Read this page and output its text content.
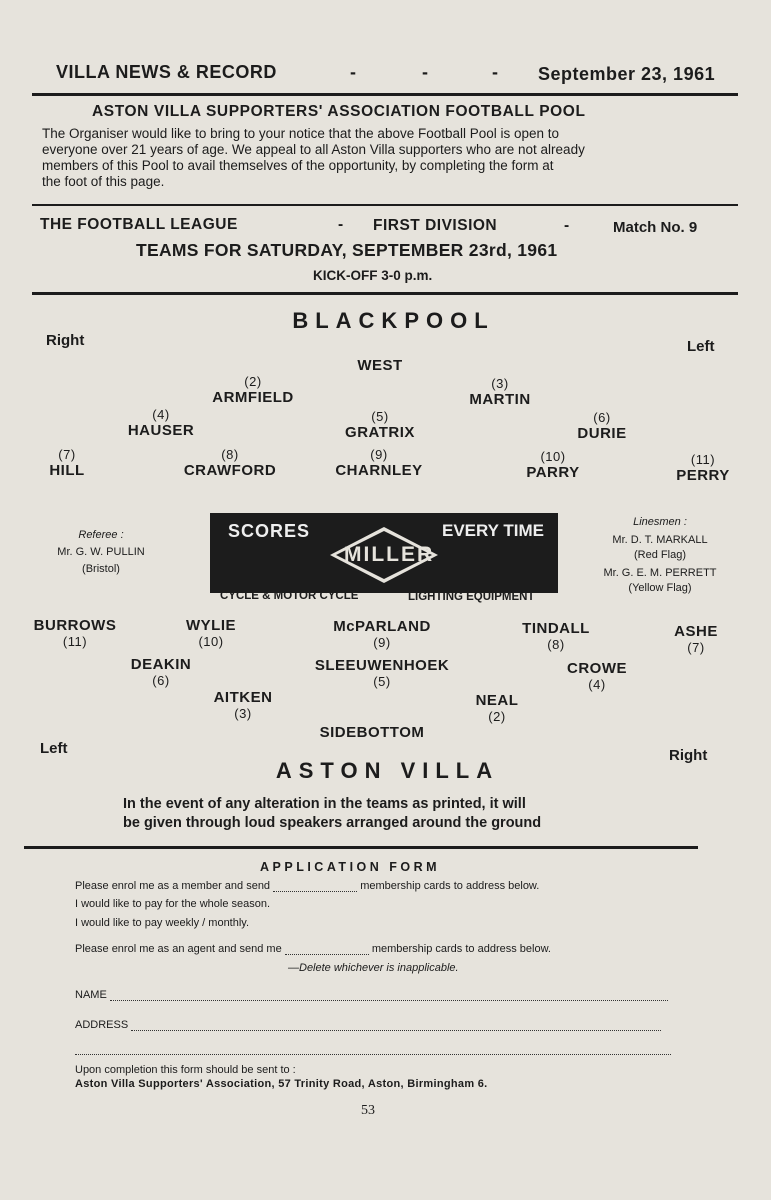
VILLA NEWS & RECORD	-	-	- September 23, 1961
ASTON VILLA SUPPORTERS' ASSOCIATION FOOTBALL POOL
The Organiser would like to bring to your notice that the above Football Pool is open to
everyone over 21 years of age. We appeal to all Aston Villa supporters who are not already
members of this Pool to avail themselves of the opportunity, by completing the form at
the foot of this page.
THE FOOTBALL LEAGUE	- FIRST DIVISION	-	Match No. 9
TEAMS FOR SATURDAY, SEPTEMBER 23rd, 1961
KICK-OFF 3-0 p.m.
BLACKPOOL
Right	Left
WEST
(2)
ARMFIELD
(3)
MARTIN
(4)
HAUSER
(5)
GRATRIX
(6)
DURIE
(7)
HILL
(8)
CRAWFORD
(9)
CHARNLEY
(10)
PARRY
(11)
PERRY
Referee :
Mr. G. W. PULLIN
(Bristol)
Linesmen :
Mr. D. T. MARKALL
(Red Flag)
Mr. G. E. M. PERRETT
(Yellow Flag)
SCORES	EVERY TIME
MILLER
CYCLE & MOTOR CYCLE	LIGHTING EQUIPMENT
BURROWS
(11)
WYLIE
(10)
McPARLAND
(9)
TINDALL
(8)
ASHE
(7)
DEAKIN
(6)
SLEEUWENHOEK
(5)
CROWE
(4)
AITKEN
(3)
NEAL
(2)
SIDEBOTTOM
Left	Right
ASTON VILLA
In the event of any alteration in the teams as printed, it will
be given through loud speakers arranged around the ground
APPLICATION FORM
Please enrol me as a member and send	membership cards to address below.
I would like to pay for the whole season.
I would like to pay weekly / monthly.
Please enrol me as an agent and send me	membership cards to address below.
—Delete whichever is inapplicable.
NAME
ADDRESS
Upon completion this form should be sent to :
Aston Villa Supporters' Association, 57 Trinity Road, Aston, Birmingham 6.
53
